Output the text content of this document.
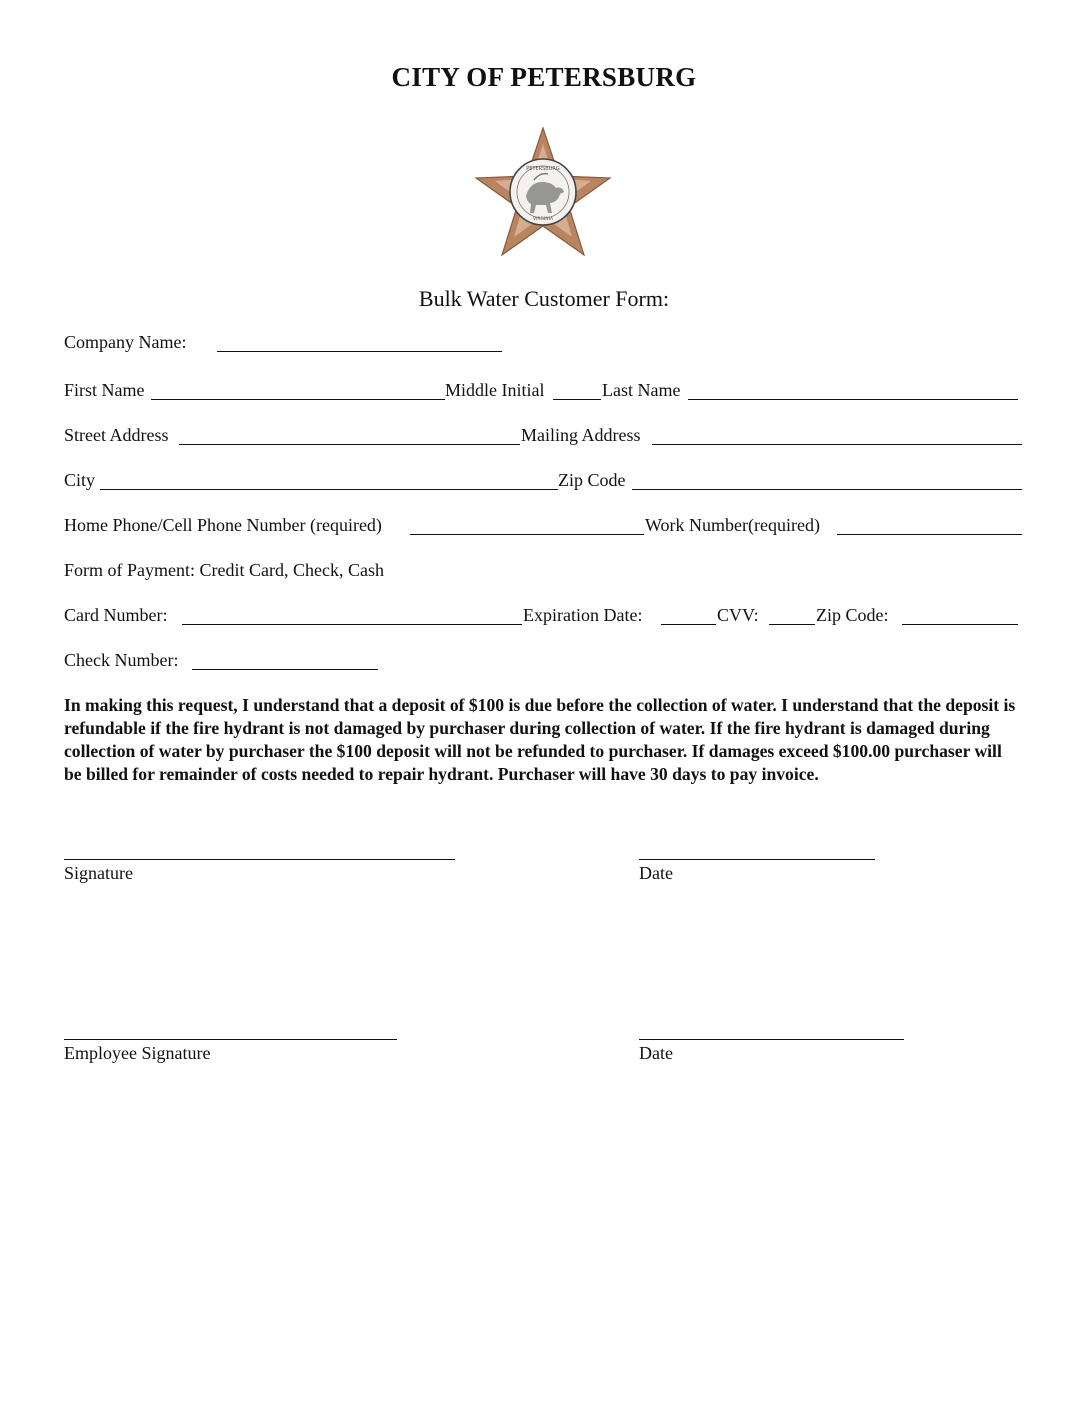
CITY OF PETERSBURG
PETERSBURG
VIRGINIA
Bulk Water Customer Form:
Company Name:
First Name	Middle Initial	Last Name
Street Address	Mailing Address
City	Zip Code
Home Phone/Cell Phone Number (required)	Work Number(required)
Form of Payment: Credit Card, Check, Cash
Card Number:	Expiration Date:	CVV:	Zip Code:
Check Number:
In making this request, I understand that a deposit of $100 is due before the collection of water. I understand that the deposit is refundable if the fire hydrant is not damaged by purchaser during collection of water. If the fire hydrant is damaged during collection of water by purchaser the $100 deposit will not be refunded to purchaser. If damages exceed $100.00 purchaser will be billed for remainder of costs needed to repair hydrant. Purchaser will have 30 days to pay invoice.
Signature	Date
Employee Signature	Date
